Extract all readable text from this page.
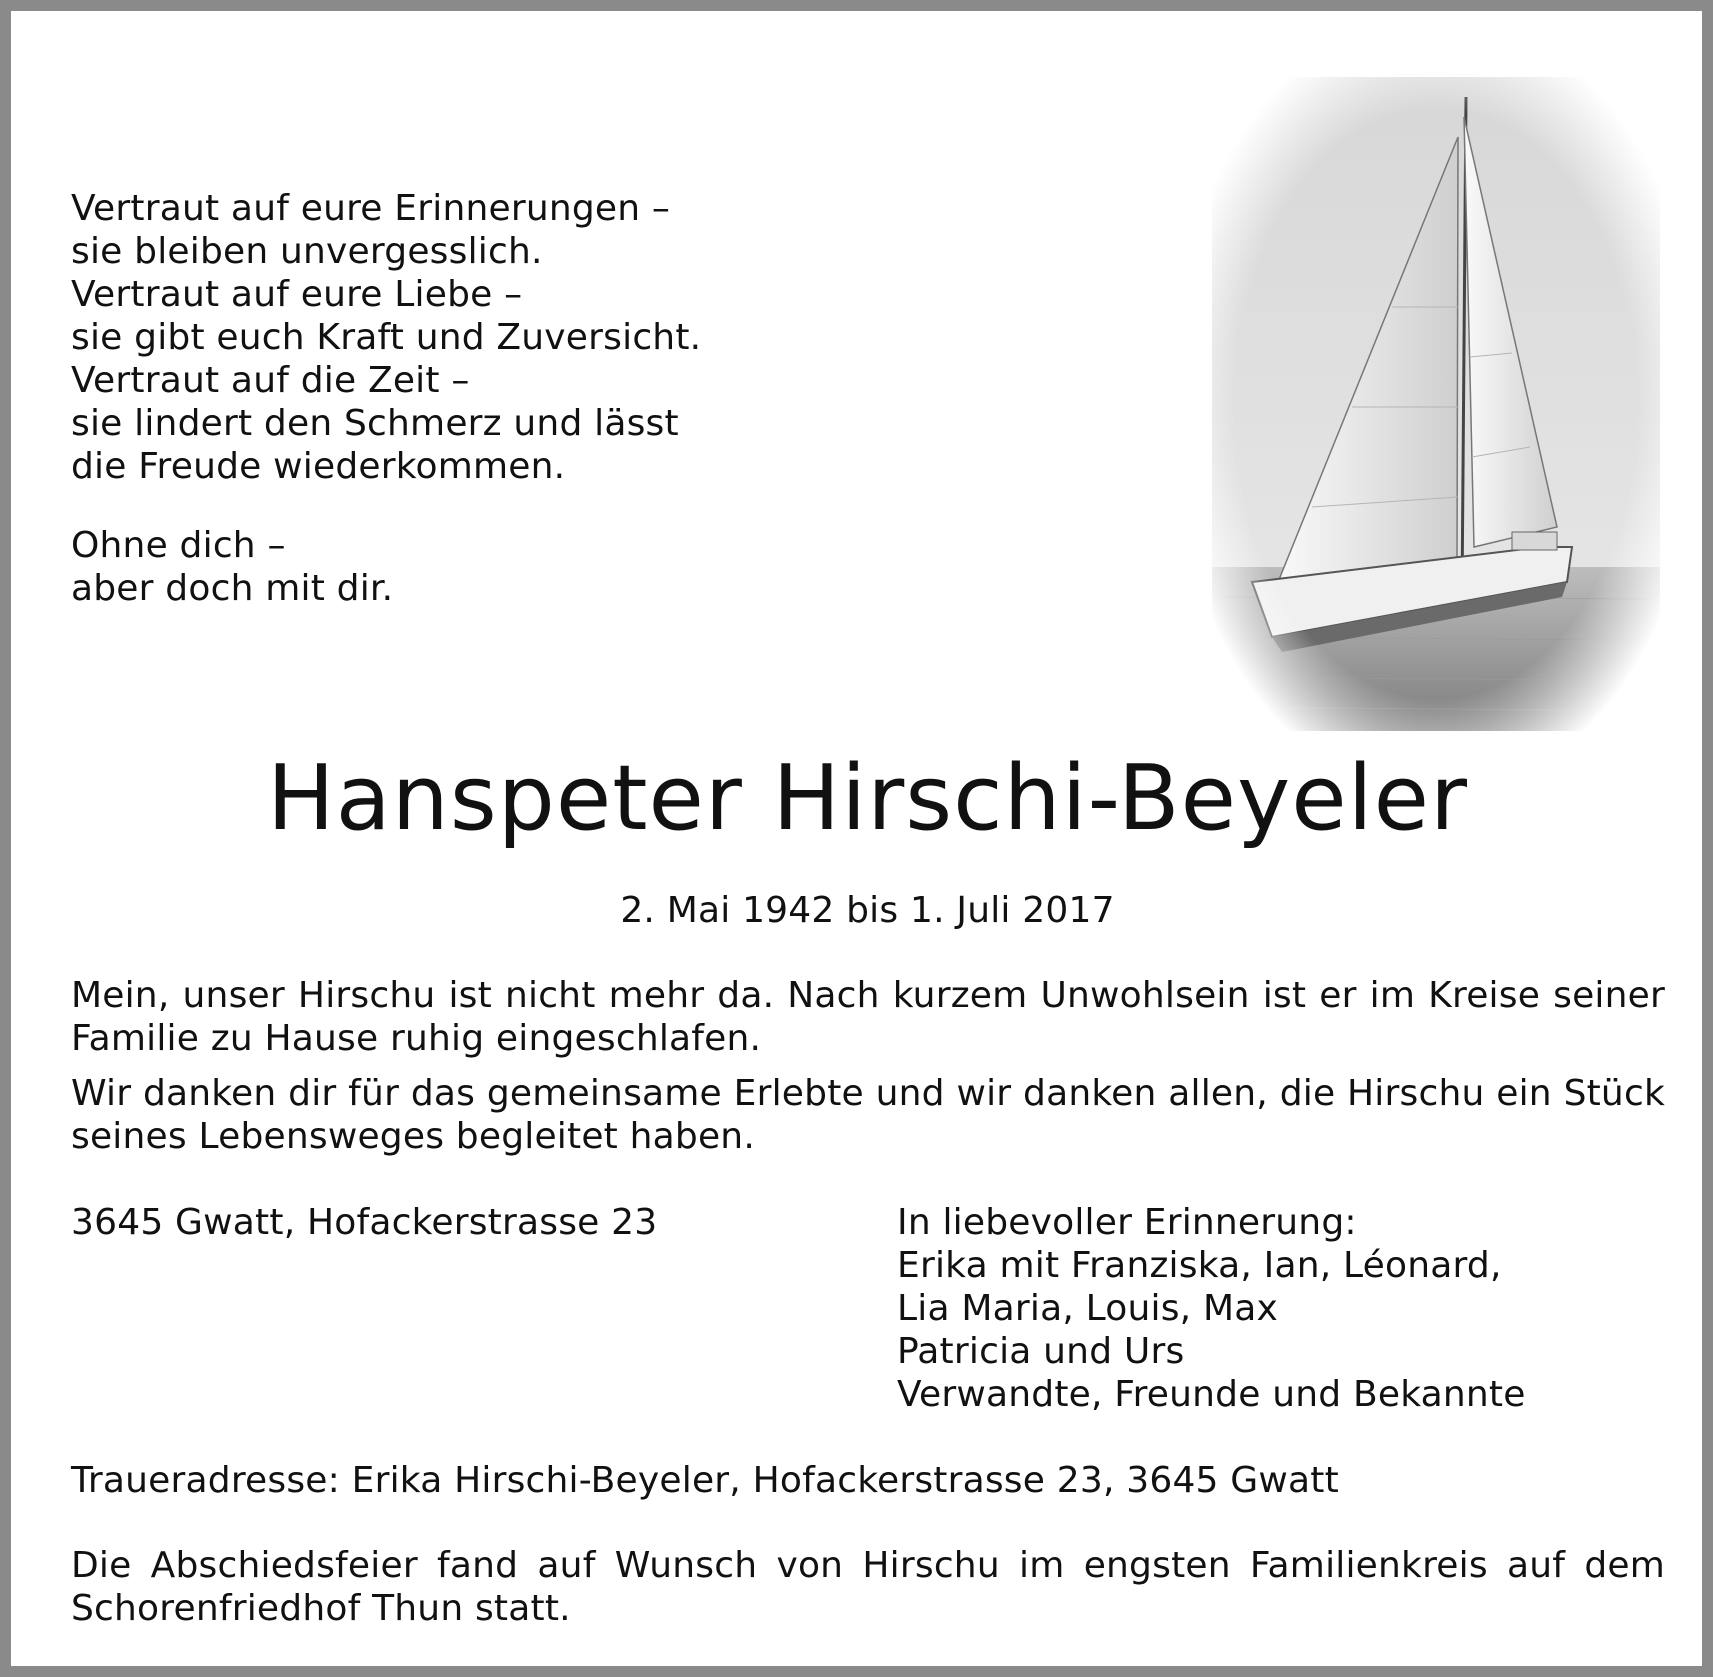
Vertraut auf eure Erinnerungen –
sie bleiben unvergesslich.
Vertraut auf eure Liebe –
sie gibt euch Kraft und Zuversicht.
Vertraut auf die Zeit –
sie lindert den Schmerz und lässt
die Freude wiederkommen.
Ohne dich –
aber doch mit dir.
Hanspeter Hirschi-Beyeler
2. Mai 1942 bis 1. Juli 2017
Mein, unser Hirschu ist nicht mehr da. Nach kurzem Unwohlsein ist er im Kreise seiner Familie zu Hause ruhig eingeschlafen.
Wir danken dir für das gemeinsame Erlebte und wir danken allen, die Hirschu ein Stück seines Lebensweges begleitet haben.
3645 Gwatt, Hofackerstrasse 23	In liebevoller Erinnerung:
Erika mit Franziska, Ian, Léonard,
Lia Maria, Louis, Max
Patricia und Urs
Verwandte, Freunde und Bekannte
Traueradresse: Erika Hirschi-Beyeler, Hofackerstrasse 23, 3645 Gwatt
Die Abschiedsfeier fand auf Wunsch von Hirschu im engsten Familienkreis auf dem Schorenfriedhof Thun statt.
